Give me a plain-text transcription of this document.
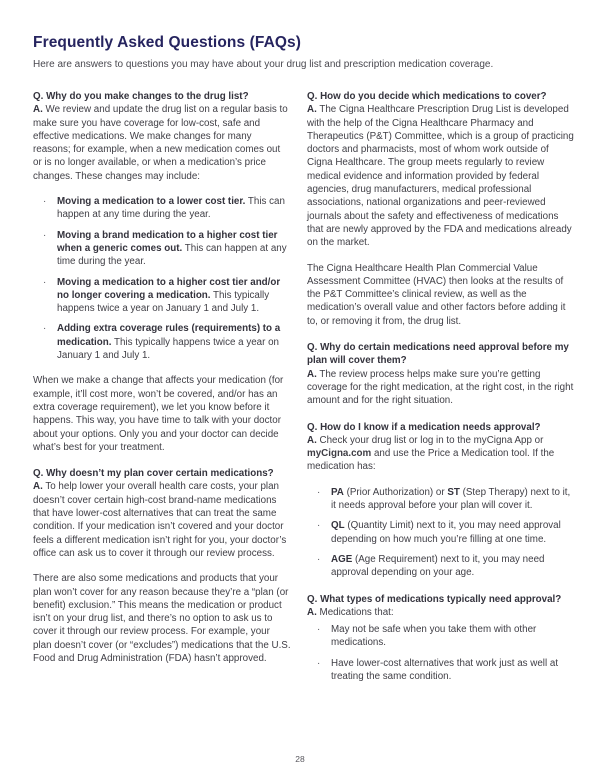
Frequently Asked Questions (FAQs)

Here are answers to questions you may have about your drug list and prescription medication coverage.

Q. Why do you make changes to the drug list?

A. We review and update the drug list on a regular basis to make sure you have coverage for low-cost, safe and effective medications. We make changes for many reasons; for example, when a new medication comes out or is no longer available, or when a medication’s price changes. These changes may include:

·	Moving a medication to a lower cost tier. This can happen at any time during the year.
·	Moving a brand medication to a higher cost tier when a generic comes out. This can happen at any time during the year.
·	Moving a medication to a higher cost tier and/or no longer covering a medication. This typically happens twice a year on January 1 and July 1.
·	Adding extra coverage rules (requirements) to a medication. This typically happens twice a year on January 1 and July 1.

When we make a change that affects your medication (for example, it’ll cost more, won’t be covered, and/or has an extra coverage requirement), we let you know before it happens. This way, you have time to talk with your doctor about your options. Only you and your doctor can decide what’s best for your treatment.

Q. Why doesn’t my plan cover certain medications?

A. To help lower your overall health care costs, your plan doesn’t cover certain high-cost brand-name medications that have lower-cost alternatives that can treat the same condition. If your medication isn’t covered and your doctor feels a different medication isn’t right for you, your doctor’s office can ask us to cover it through our review process.

There are also some medications and products that your plan won’t cover for any reason because they’re a “plan (or benefit) exclusion.” This means the medication or product isn’t on your drug list, and there’s no option to ask us to cover it through our review process. For example, your plan doesn’t cover (or “excludes”) medications that the U.S. Food and Drug Administration (FDA) hasn’t approved.

Q. How do you decide which medications to cover?

A. The Cigna Healthcare Prescription Drug List is developed with the help of the Cigna Healthcare Pharmacy and Therapeutics (P&T) Committee, which is a group of practicing doctors and pharmacists, most of whom work outside of Cigna Healthcare. The group meets regularly to review medical evidence and information provided by federal agencies, drug manufacturers, medical professional associations, national organizations and peer-reviewed journals about the safety and effectiveness of medications that are newly approved by the FDA and medications already on the market.

The Cigna Healthcare Health Plan Commercial Value Assessment Committee (HVAC) then looks at the results of the P&T Committee’s clinical review, as well as the medication’s overall value and other factors before adding it to, or removing it from, the drug list.

Q. Why do certain medications need approval before my plan will cover them?

A. The review process helps make sure you’re getting coverage for the right medication, at the right cost, in the right amount and for the right situation.

Q. How do I know if a medication needs approval?

A. Check your drug list or log in to the myCigna App or myCigna.com and use the Price a Medication tool. If the medication has:

·	PA (Prior Authorization) or ST (Step Therapy) next to it, it needs approval before your plan will cover it.
·	QL (Quantity Limit) next to it, you may need approval depending on how much you’re filling at one time.
·	AGE (Age Requirement) next to it, you may need approval depending on your age.

Q. What types of medications typically need approval?

A. Medications that:

·	May not be safe when you take them with other medications.
·	Have lower-cost alternatives that work just as well at treating the same condition.
28
